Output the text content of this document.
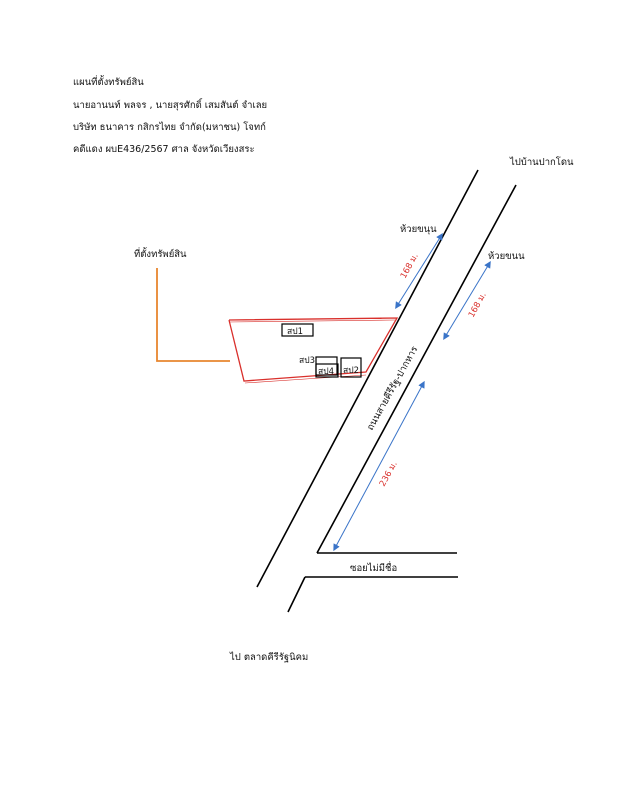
แผนที่ตั้งทรัพย์สิน
นายอานนท์ พลจร , นายสุรศักดิ์ เสมสันต์ จำเลย
บริษัท ธนาคาร กสิกรไทย จำกัด(มหาชน) โจทก์
คดีแดง ผบE436/2567 ศาล จังหวัดเวียงสระ
ไปบ้านปากโดน
ไป ตลาดคีรีรัฐนิคม
ที่ตั้งทรัพย์สิน
ห้วยขนุน
ห้วยขนน
ซอยไม่มีชื่อ
ถนนสายคีรีรัฐ-ปากหาร
168 ม.
168 ม.
236 ม.
สป1
สป3
สป4 สป2
